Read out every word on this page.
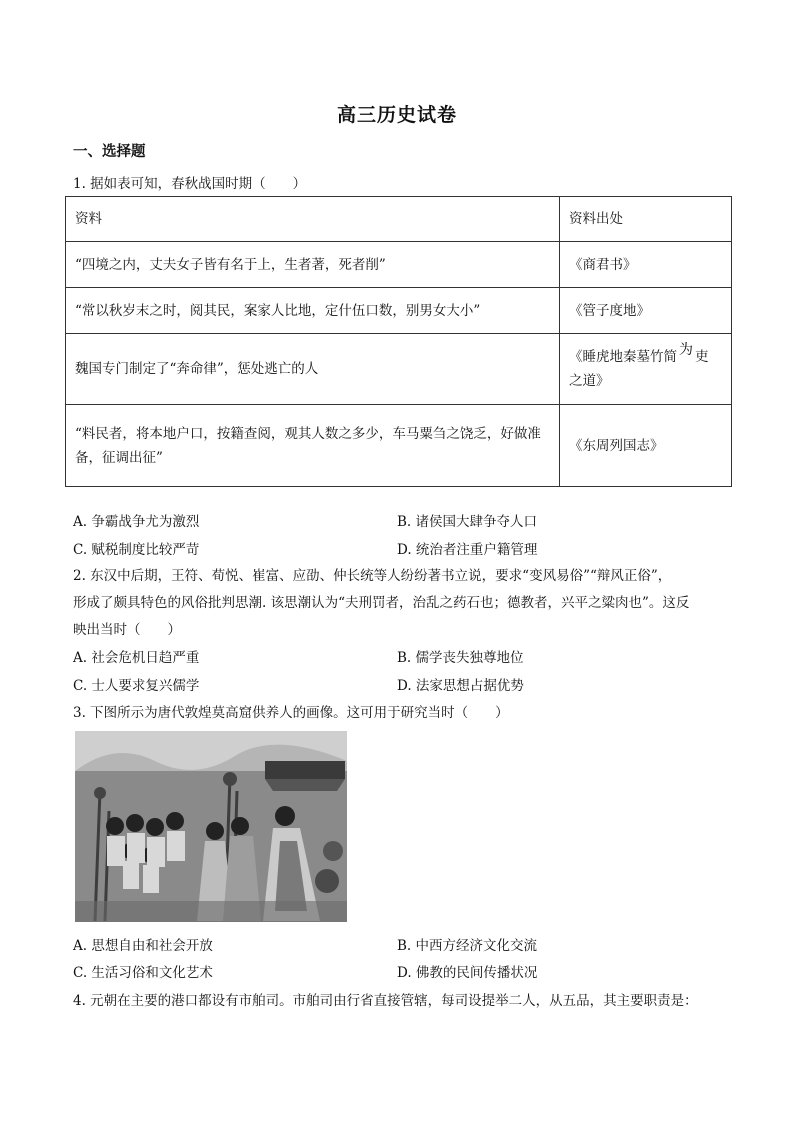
高三历史试卷
一、选择题
1. 据如表可知，春秋战国时期（　　）
资料	资料出处
“四境之内，丈夫女子皆有名于上，生者著，死者削”	《商君书》
“常以秋岁末之时，阅其民，案家人比地，定什伍口数，别男女大小”	《管子度地》
魏国专门制定了“奔命律”，惩处逃亡的人	《睡虎地秦墓竹简 为 吏
之道》
“料民者，将本地户口，按籍查阅，观其人数之多少，车马粟刍之饶乏，好做准备，征调出征”	《东周列国志》
A. 争霸战争尤为激烈	B. 诸侯国大肆争夺人口
C. 赋税制度比较严苛	D. 统治者注重户籍管理
2. 东汉中后期，王符、荀悦、崔富、应劭、仲长统等人纷纷著书立说，要求“变风易俗”“辩风正俗”，
形成了颇具特色的风俗批判思潮. 该思潮认为“夫刑罚者，治乱之药石也；德教者，兴平之粱肉也”。这反
映出当时（　　）
A. 社会危机日趋严重	B. 儒学丧失独尊地位
C. 士人要求复兴儒学	D. 法家思想占据优势
3. 下图所示为唐代敦煌莫高窟供养人的画像。这可用于研究当时（　　）
A. 思想自由和社会开放	B. 中西方经济文化交流
C. 生活习俗和文化艺术	D. 佛教的民间传播状况
4. 元朝在主要的港口都设有市舶司。市舶司由行省直接管辖，每司设提举二人，从五品，其主要职责是：
